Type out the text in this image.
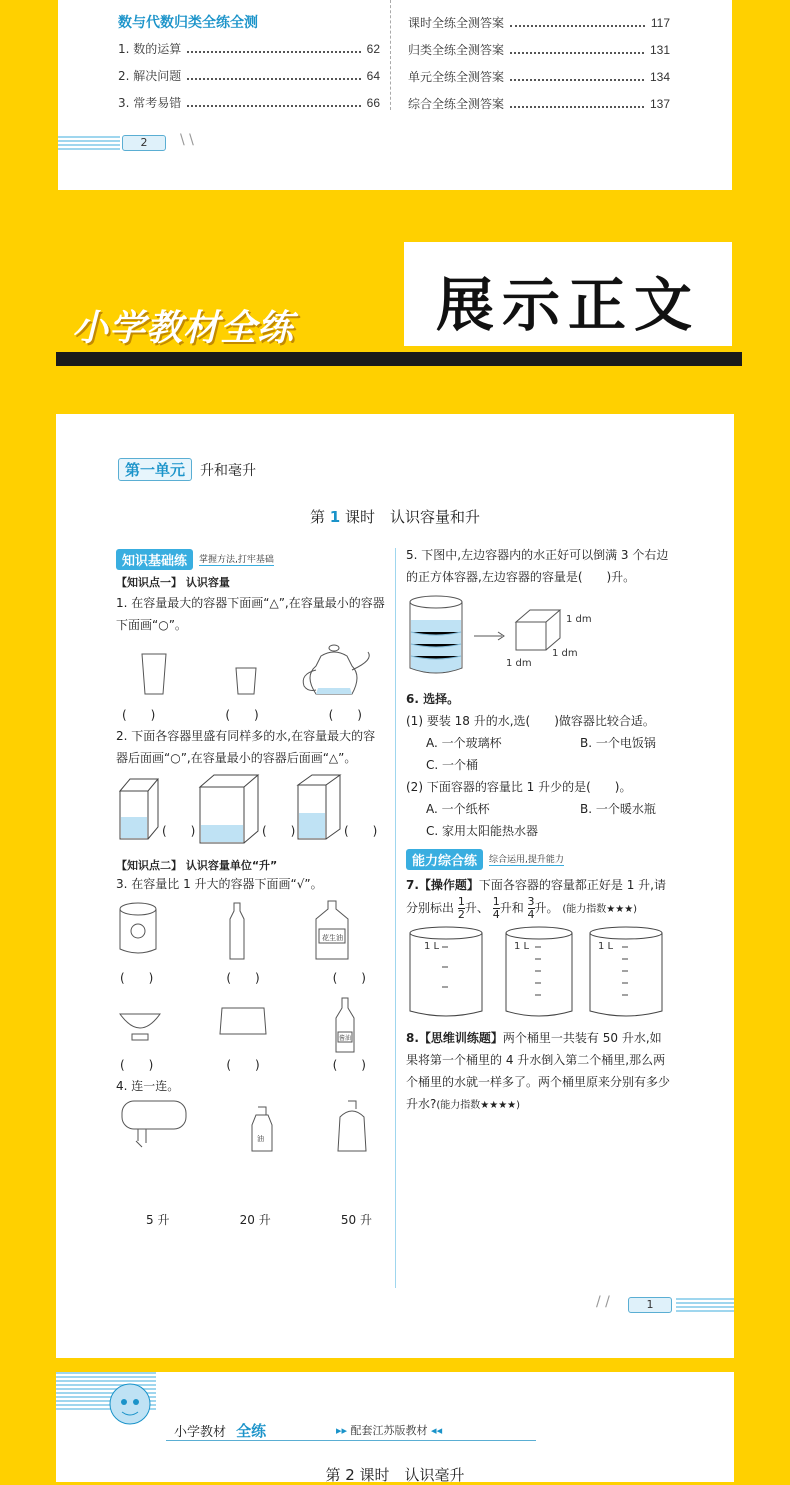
数与代数归类全练全测
1. 数的运算	62
2. 解决问题	64
3. 常考易错	66
课时全练全测答案	117
归类全练全测答案	131
单元全练全测答案	134
综合全练全测答案	137
2	\ \
小学教材全练	展示正文
第一单元	升和毫升
第 1 课时　认识容量和升
知识基础练	掌握方法,打牢基础
【知识点一】 认识容量
1. 在容量最大的容器下面画“△”,在容量最小的容器下面画“○”。
(　　)	(　　)	(　　)
2. 下面各容器里盛有同样多的水,在容量最大的容器后面画“○”,在容量最小的容器后面画“△”。
(　　)	(　　)	(　　)
【知识点二】 认识容量单位“升”
3. 在容量比 1 升大的容器下面画“√”。
花生油
(　　)	(　　)	(　　)
酱油
(　　)	(　　)	(　　)
4. 连一连。
油
5 升	20 升	50 升
5. 下图中,左边容器内的水正好可以倒满 3 个右边的正方体容器,左边容器的容量是(　　)升。
1 dm
1 dm
1 dm
6. 选择。
(1) 要装 18 升的水,选(　　)做容器比较合适。
A. 一个玻璃杯	B. 一个电饭锅
C. 一个桶
(2) 下面容器的容量比 1 升少的是(　　)。
A. 一个纸杯	B. 一个暖水瓶
C. 家用太阳能热水器
能力综合练	综合运用,提升能力
7.【操作题】下面各容器的容量都正好是 1 升,请分别标出 $\frac{1}{2}$ 升、 $\frac{1}{4}$ 升和 $\frac{3}{4}$ 升。 (能力指数★★★)
1 L	1 L	1 L
8.【思维训练题】两个桶里一共装有 50 升水,如果将第一个桶里的 4 升水倒入第二个桶里,那么两个桶里的水就一样多了。两个桶里原来分别有多少升水?(能力指数★★★★)
/ /	1
小学教材 全练	▸▸ 配套江苏版教材 ◂◂
第 2 课时　认识毫升
